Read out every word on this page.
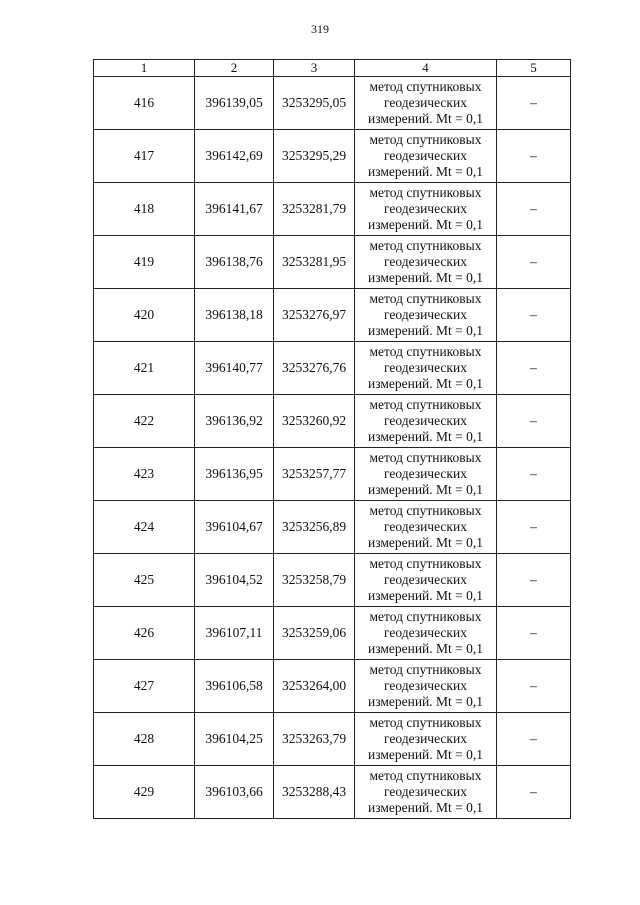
319
1	2	3	4	5
416	396139,05	3253295,05	метод спутниковых
геодезических
измерений. Mt = 0,1	–
417	396142,69	3253295,29	метод спутниковых
геодезических
измерений. Mt = 0,1	–
418	396141,67	3253281,79	метод спутниковых
геодезических
измерений. Mt = 0,1	–
419	396138,76	3253281,95	метод спутниковых
геодезических
измерений. Mt = 0,1	–
420	396138,18	3253276,97	метод спутниковых
геодезических
измерений. Mt = 0,1	–
421	396140,77	3253276,76	метод спутниковых
геодезических
измерений. Mt = 0,1	–
422	396136,92	3253260,92	метод спутниковых
геодезических
измерений. Mt = 0,1	–
423	396136,95	3253257,77	метод спутниковых
геодезических
измерений. Mt = 0,1	–
424	396104,67	3253256,89	метод спутниковых
геодезических
измерений. Mt = 0,1	–
425	396104,52	3253258,79	метод спутниковых
геодезических
измерений. Mt = 0,1	–
426	396107,11	3253259,06	метод спутниковых
геодезических
измерений. Mt = 0,1	–
427	396106,58	3253264,00	метод спутниковых
геодезических
измерений. Mt = 0,1	–
428	396104,25	3253263,79	метод спутниковых
геодезических
измерений. Mt = 0,1	–
429	396103,66	3253288,43	метод спутниковых
геодезических
измерений. Mt = 0,1	–
